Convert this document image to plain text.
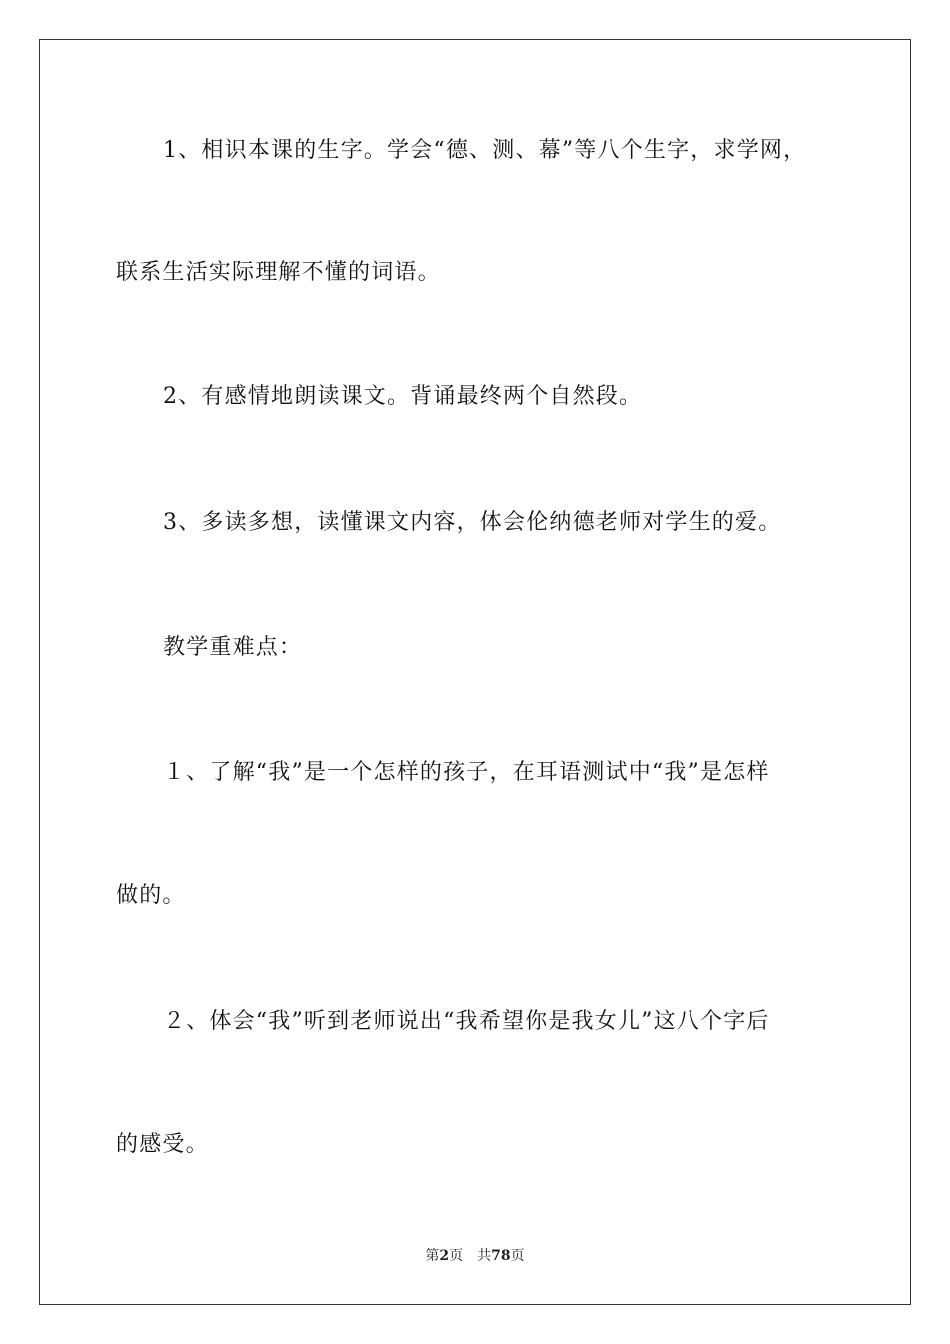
1、相识本课的生字。学会“德、测、幕”等八个生字，求学网，
联系生活实际理解不懂的词语。
2、有感情地朗读课文。背诵最终两个自然段。
3、多读多想，读懂课文内容，体会伦纳德老师对学生的爱。
教学重难点：
１、了解“我”是一个怎样的孩子，在耳语测试中“我”是怎样
做的。
２、体会“我”听到老师说出“我希望你是我女儿”这八个字后
的感受。
第2页　共78页
